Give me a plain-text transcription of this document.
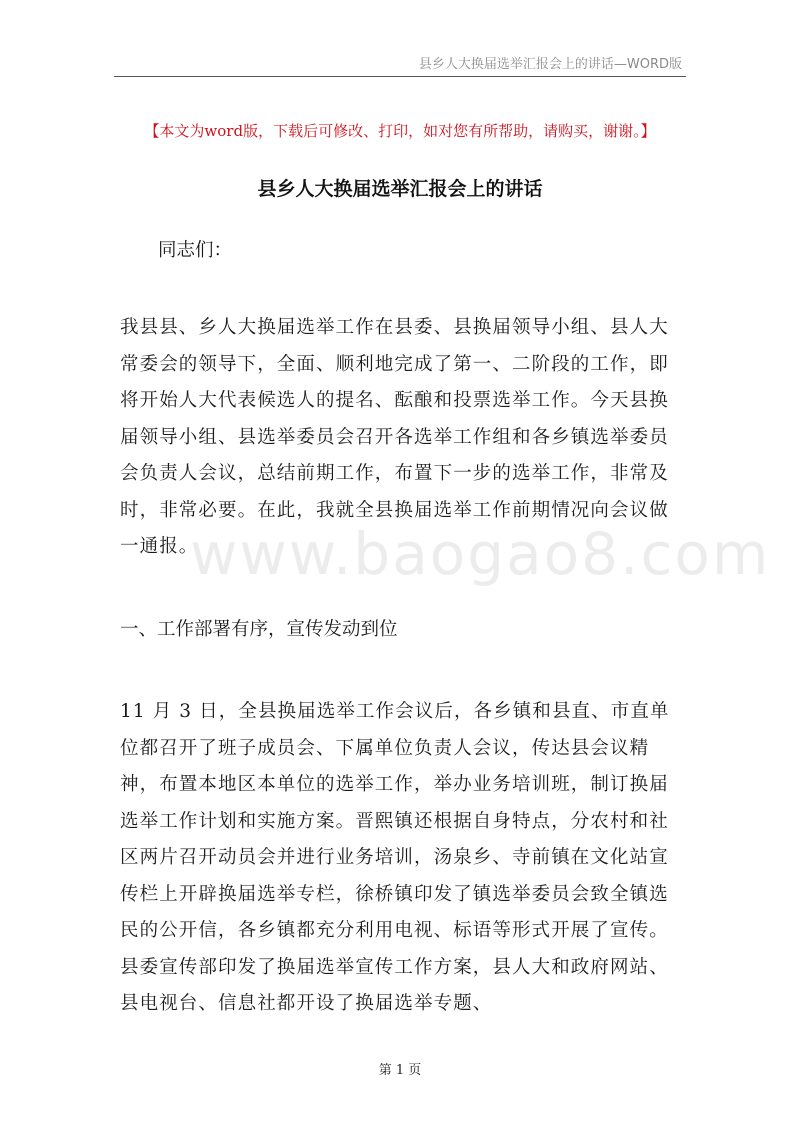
县乡人大换届选举汇报会上的讲话—WORD版
【本文为word版，下载后可修改、打印，如对您有所帮助，请购买，谢谢。】
县乡人大换届选举汇报会上的讲话
同志们：
我县县、乡人大换届选举工作在县委、县换届领导小组、县人大常委会的领导下，全面、顺利地完成了第一、二阶段的工作，即将开始人大代表候选人的提名、酝酿和投票选举工作。今天县换届领导小组、县选举委员会召开各选举工作组和各乡镇选举委员会负责人会议，总结前期工作，布置下一步的选举工作，非常及时，非常必要。在此，我就全县换届选举工作前期情况向会议做一通报。
www.baogao8.com
一、工作部署有序，宣传发动到位
11 月 3 日，全县换届选举工作会议后，各乡镇和县直、市直单位都召开了班子成员会、下属单位负责人会议，传达县会议精神，布置本地区本单位的选举工作，举办业务培训班，制订换届选举工作计划和实施方案。晋熙镇还根据自身特点，分农村和社区两片召开动员会并进行业务培训，汤泉乡、寺前镇在文化站宣传栏上开辟换届选举专栏，徐桥镇印发了镇选举委员会致全镇选民的公开信，各乡镇都充分利用电视、标语等形式开展了宣传。县委宣传部印发了换届选举宣传工作方案，县人大和政府网站、县电视台、信息社都开设了换届选举专题、
第 1 页
